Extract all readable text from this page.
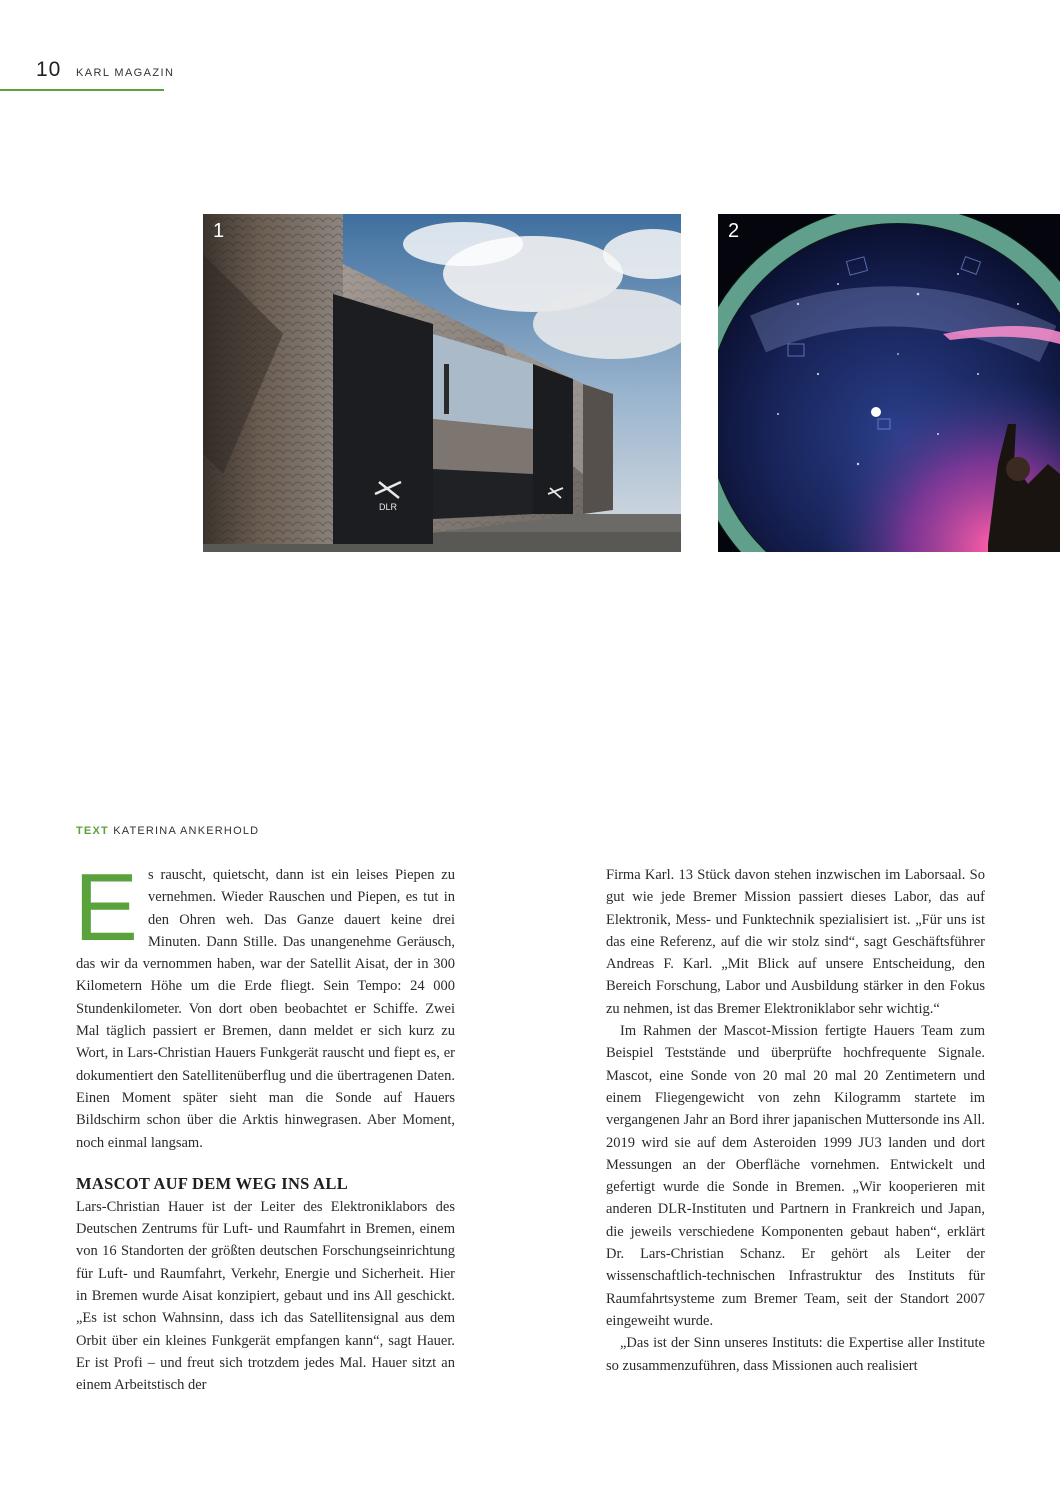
10 KARL MAGAZIN
DLR
1	2
TEXT KATERINA ANKERHOLD

Es rauscht, quietscht, dann ist ein leises Piepen zu vernehmen. Wieder Rauschen und Piepen, es tut in den Ohren weh. Das Ganze dauert keine drei Minuten. Dann Stille. Das unangenehme Geräusch, das wir da vernommen haben, war der Satellit Aisat, der in 300 Kilometern Höhe um die Erde fliegt. Sein Tempo: 24 000 Stundenkilometer. Von dort oben beobachtet er Schiffe. Zwei Mal täglich passiert er Bremen, dann meldet er sich kurz zu Wort, in Lars-Christian Hauers Funkgerät rauscht und fiept es, er dokumentiert den Satellitenüberflug und die übertragenen Daten. Einen Moment später sieht man die Sonde auf Hauers Bildschirm schon über die Arktis hinwegrasen. Aber Moment, noch einmal langsam.

MASCOT AUF DEM WEG INS ALL

Lars-Christian Hauer ist der Leiter des Elektroniklabors des Deutschen Zentrums für Luft- und Raumfahrt in Bremen, einem von 16 Standorten der größten deutschen Forschungseinrichtung für Luft- und Raumfahrt, Verkehr, Energie und Sicherheit. Hier in Bremen wurde Aisat konzipiert, gebaut und ins All geschickt. „Es ist schon Wahnsinn, dass ich das Satellitensignal aus dem Orbit über ein kleines Funkgerät empfangen kann“, sagt Hauer. Er ist Profi – und freut sich trotzdem jedes Mal. Hauer sitzt an einem Arbeitstisch der

Firma Karl. 13 Stück davon stehen inzwischen im Laborsaal. So gut wie jede Bremer Mission passiert dieses Labor, das auf Elektronik, Mess- und Funktechnik spezialisiert ist. „Für uns ist das eine Referenz, auf die wir stolz sind“, sagt Geschäftsführer Andreas F. Karl. „Mit Blick auf unsere Entscheidung, den Bereich Forschung, Labor und Ausbildung stärker in den Fokus zu nehmen, ist das Bremer Elektroniklabor sehr wichtig.“

Im Rahmen der Mascot-Mission fertigte Hauers Team zum Beispiel Teststände und überprüfte hochfrequente Signale. Mascot, eine Sonde von 20 mal 20 mal 20 Zentimetern und einem Fliegengewicht von zehn Kilogramm startete im vergangenen Jahr an Bord ihrer japanischen Muttersonde ins All. 2019 wird sie auf dem Asteroiden 1999 JU3 landen und dort Messungen an der Oberfläche vornehmen. Entwickelt und gefertigt wurde die Sonde in Bremen. „Wir kooperieren mit anderen DLR-Instituten und Partnern in Frankreich und Japan, die jeweils verschiedene Komponenten gebaut haben“, erklärt Dr. Lars-Christian Schanz. Er gehört als Leiter der wissenschaftlich-technischen Infrastruktur des Instituts für Raumfahrtsysteme zum Bremer Team, seit der Standort 2007 eingeweiht wurde.

„Das ist der Sinn unseres Instituts: die Expertise aller Institute so zusammenzuführen, dass Missionen auch realisiert
